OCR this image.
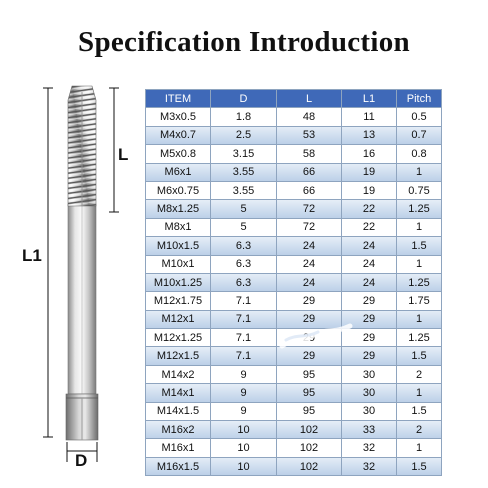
Specification Introduction
L
L1
D
ITEM	D	L	L1	Pitch
M3x0.5	1.8	48	11	0.5
M4x0.7	2.5	53	13	0.7
M5x0.8	3.15	58	16	0.8
M6x1	3.55	66	19	1
M6x0.75	3.55	66	19	0.75
M8x1.25	5	72	22	1.25
M8x1	5	72	22	1
M10x1.5	6.3	24	24	1.5
M10x1	6.3	24	24	1
M10x1.25	6.3	24	24	1.25
M12x1.75	7.1	29	29	1.75
M12x1	7.1	29	29	1
M12x1.25	7.1	29	29	1.25
M12x1.5	7.1	29	29	1.5
M14x2	9	95	30	2
M14x1	9	95	30	1
M14x1.5	9	95	30	1.5
M16x2	10	102	33	2
M16x1	10	102	32	1
M16x1.5	10	102	32	1.5
